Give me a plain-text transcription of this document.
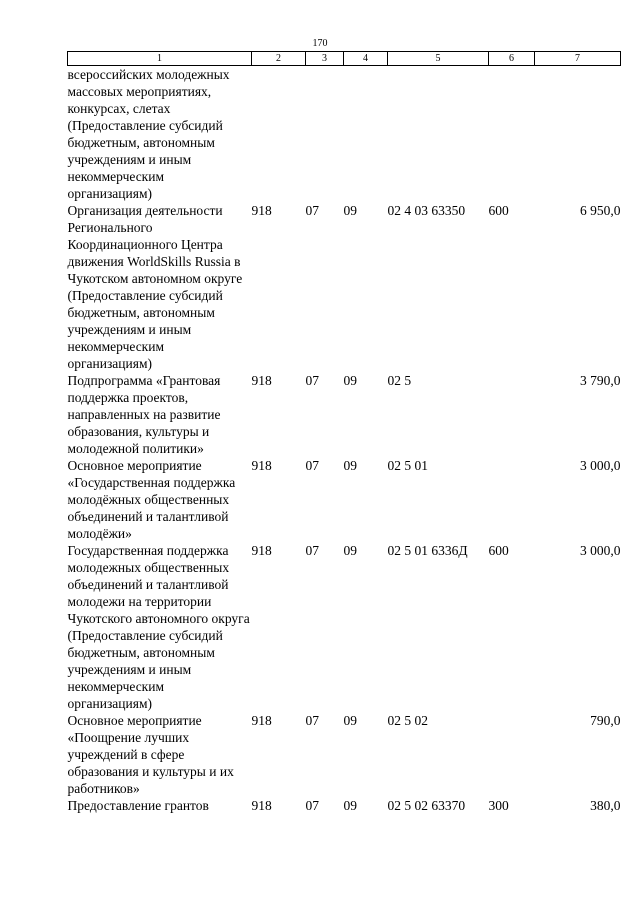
170
1	2	3	4	5	6	7
всероссийских молодежных массовых мероприятиях, конкурсах, слетах (Предоставление субсидий бюджетным, автономным учреждениям и иным некоммерческим организациям)						
Организация деятельности Регионального Координационного Центра движения WorldSkills Russia в Чукотском автономном округе (Предоставление субсидий бюджетным, автономным учреждениям и иным некоммерческим организациям)	918	07	09	02 4 03 63350	600	6 950,0
Подпрограмма «Грантовая поддержка проектов, направленных на развитие образования, культуры и молодежной политики»	918	07	09	02 5		3 790,0
Основное мероприятие «Государственная поддержка молодёжных общественных объединений и талантливой молодёжи»	918	07	09	02 5 01		3 000,0
Государственная поддержка молодежных общественных объединений и талантливой молодежи на территории Чукотского автономного округа (Предоставление субсидий бюджетным, автономным учреждениям и иным некоммерческим организациям)	918	07	09	02 5 01 6336Д	600	3 000,0
Основное мероприятие «Поощрение лучших учреждений в сфере образования и культуры и их работников»	918	07	09	02 5 02		790,0
Предоставление грантов	918	07	09	02 5 02 63370	300	380,0
